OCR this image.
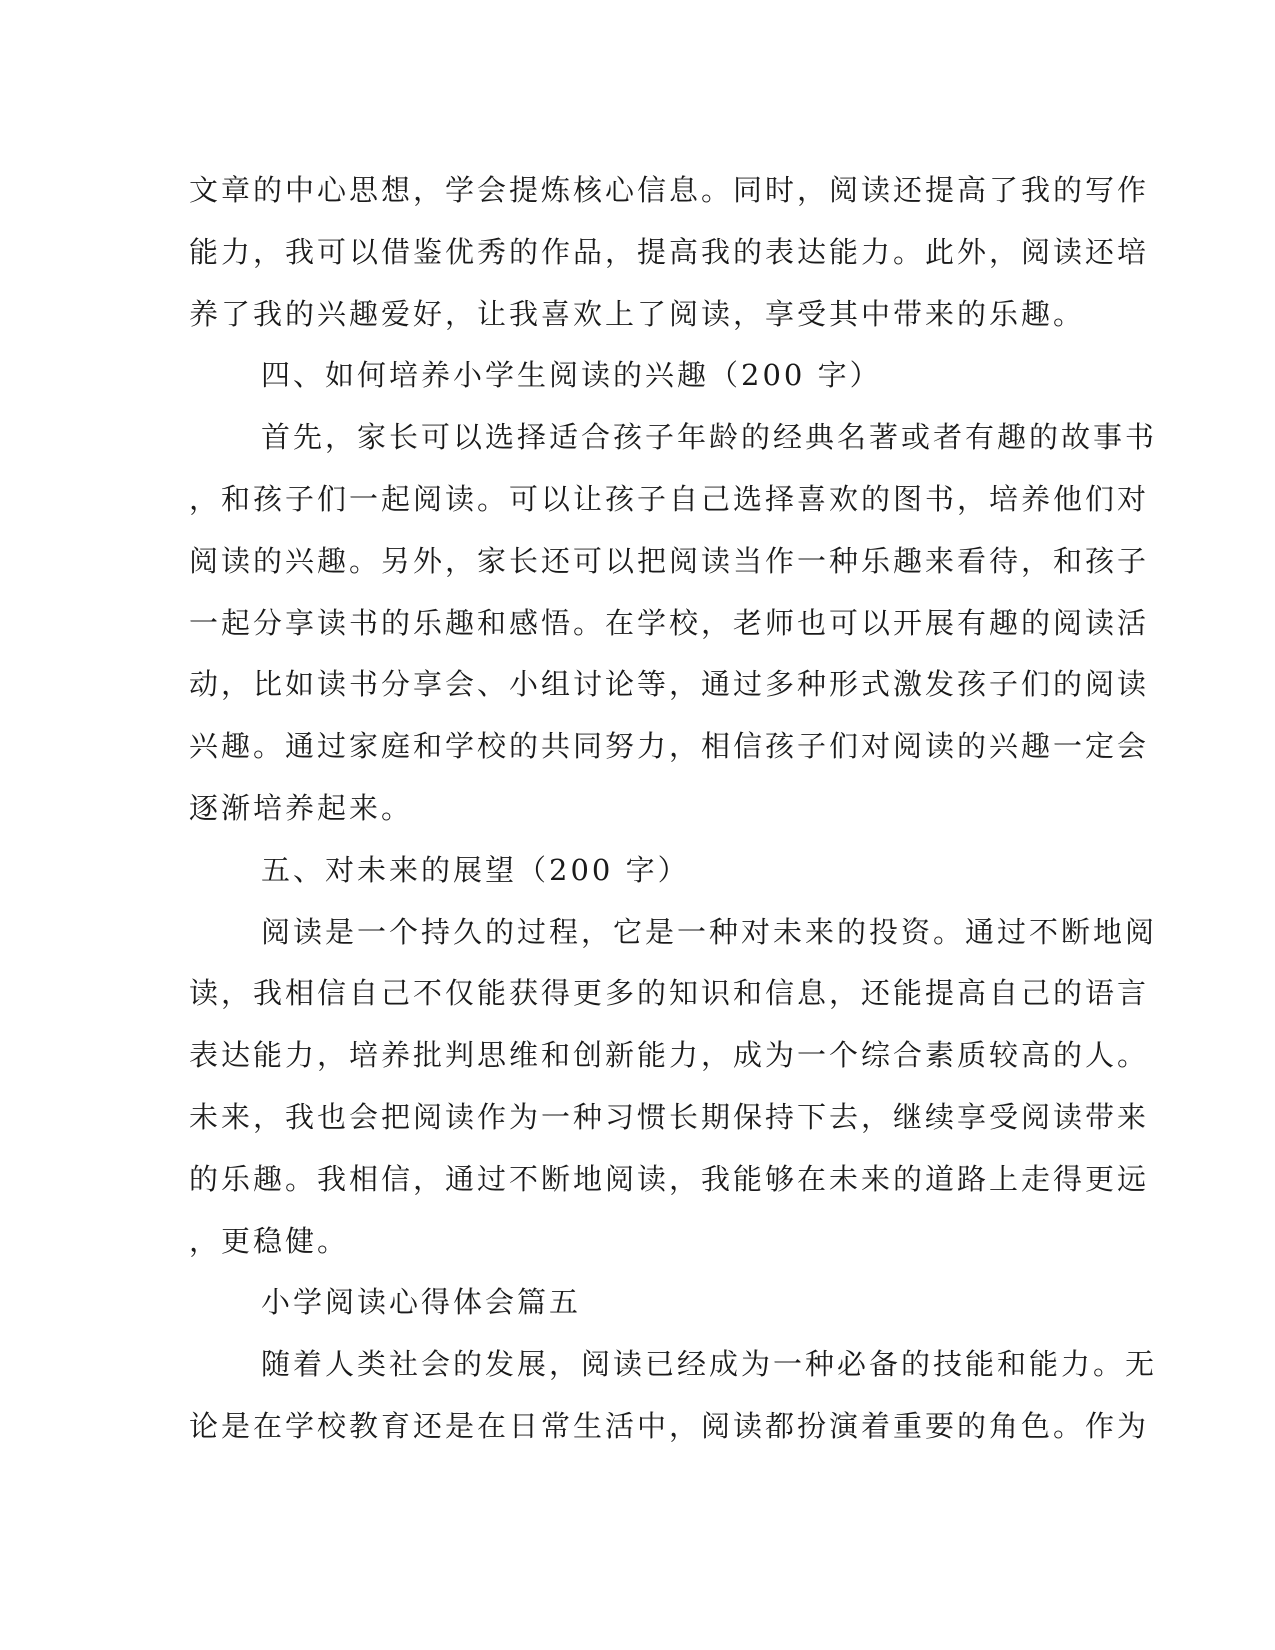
文章的中心思想，学会提炼核心信息。同时，阅读还提高了我的写作
能力，我可以借鉴优秀的作品，提高我的表达能力。此外，阅读还培
养了我的兴趣爱好，让我喜欢上了阅读，享受其中带来的乐趣。
四、如何培养小学生阅读的兴趣（200 字）
首先，家长可以选择适合孩子年龄的经典名著或者有趣的故事书
，和孩子们一起阅读。可以让孩子自己选择喜欢的图书，培养他们对
阅读的兴趣。另外，家长还可以把阅读当作一种乐趣来看待，和孩子
一起分享读书的乐趣和感悟。在学校，老师也可以开展有趣的阅读活
动，比如读书分享会、小组讨论等，通过多种形式激发孩子们的阅读
兴趣。通过家庭和学校的共同努力，相信孩子们对阅读的兴趣一定会
逐渐培养起来。
五、对未来的展望（200 字）
阅读是一个持久的过程，它是一种对未来的投资。通过不断地阅
读，我相信自己不仅能获得更多的知识和信息，还能提高自己的语言
表达能力，培养批判思维和创新能力，成为一个综合素质较高的人。
未来，我也会把阅读作为一种习惯长期保持下去，继续享受阅读带来
的乐趣。我相信，通过不断地阅读，我能够在未来的道路上走得更远
，更稳健。
小学阅读心得体会篇五
随着人类社会的发展，阅读已经成为一种必备的技能和能力。无
论是在学校教育还是在日常生活中，阅读都扮演着重要的角色。作为
